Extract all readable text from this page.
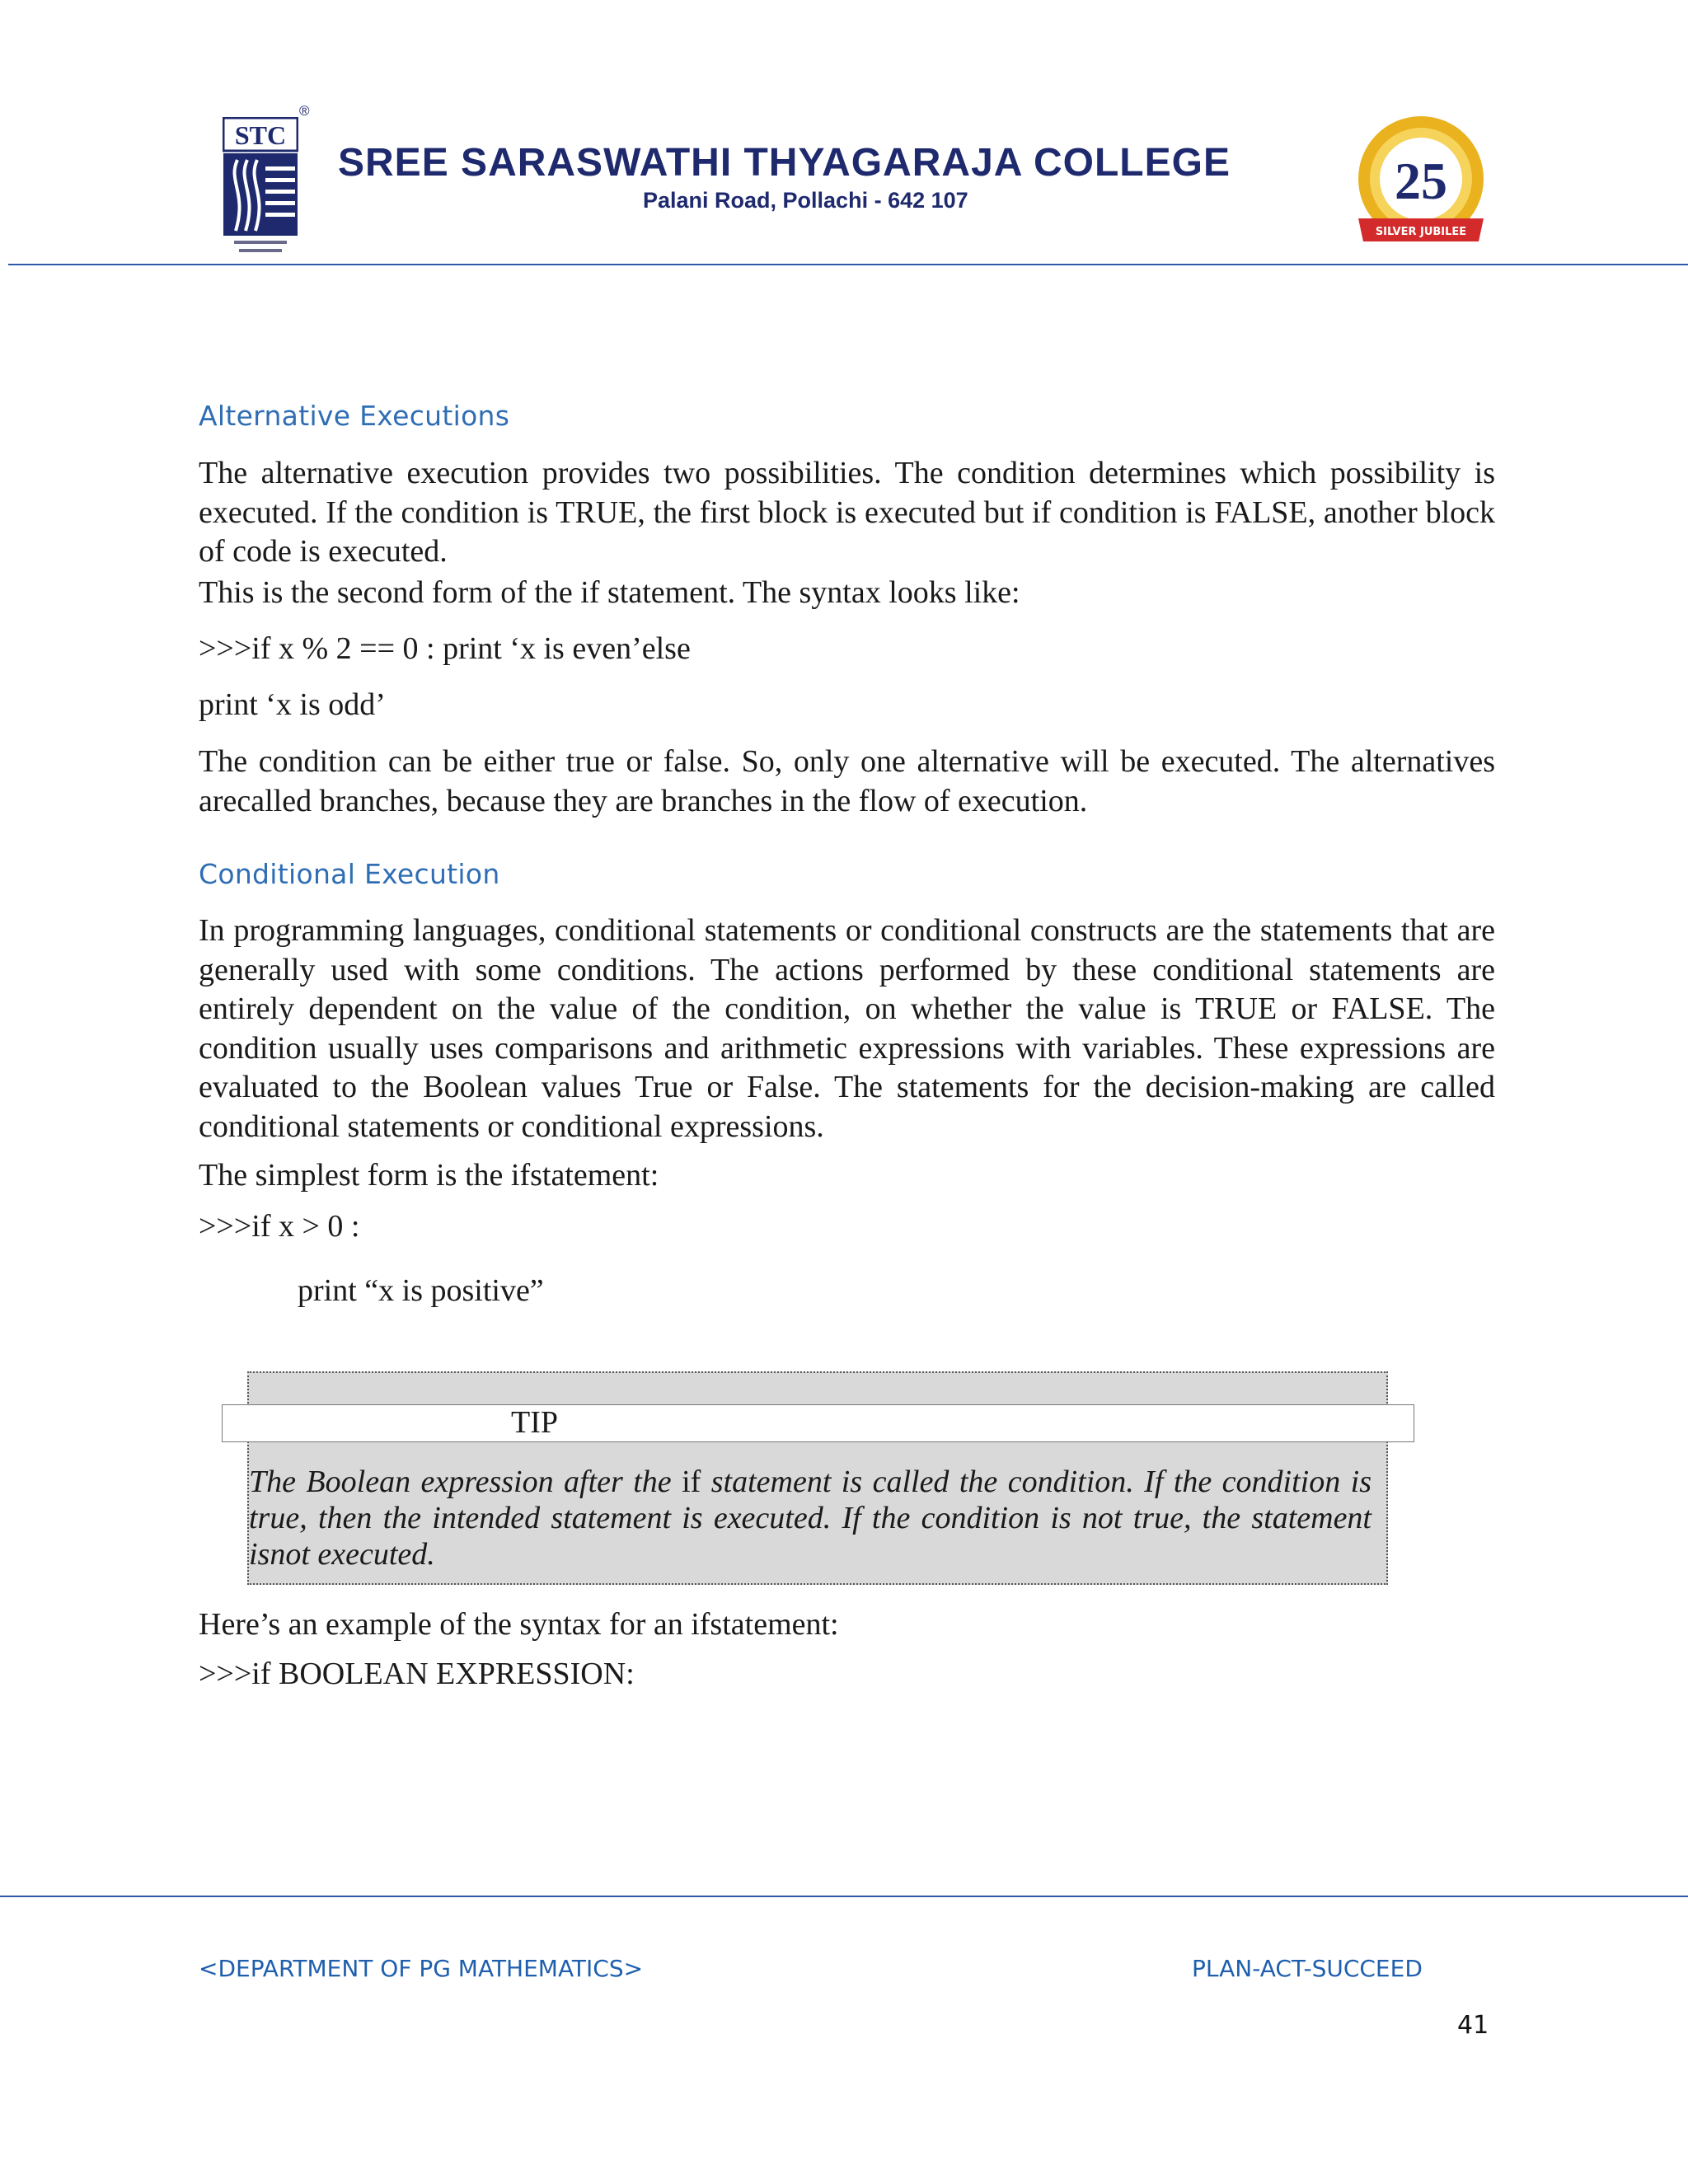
STC
®
SREE SARASWATHI THYAGARAJA COLLEGE
Palani Road, Pollachi - 642 107	25
SILVER JUBILEE
Alternative Executions

The alternative execution provides two possibilities. The condition determines which possibility is executed. If the condition is TRUE, the first block is executed but if condition is FALSE, another block of code is executed.

This is the second form of the if statement. The syntax looks like:
>>>if x % 2 == 0 : print ‘x is even’else
print ‘x is odd’

The condition can be either true or false. So, only one alternative will be executed. The alternatives arecalled branches, because they are branches in the flow of execution.

Conditional Execution

In programming languages, conditional statements or conditional constructs are the statements that are generally used with some conditions. The actions performed by these conditional statements are entirely dependent on the value of the condition, on whether the value is TRUE or FALSE. The condition usually uses comparisons and arithmetic expressions with variables. These expressions are evaluated to the Boolean values True or False. The statements for the decision-making are called conditional statements or conditional expressions.

The simplest form is the ifstatement:
>>>if x > 0 :
print “x is positive”
TIP

The Boolean expression after the if statement is called the condition. If the condition is true, then the intended statement is executed. If the condition is not true, the statement isnot executed.

Here’s an example of the syntax for an ifstatement:
>>>if BOOLEAN EXPRESSION:
<DEPARTMENT OF PG MATHEMATICS>	PLAN-ACT-SUCCEED
41
